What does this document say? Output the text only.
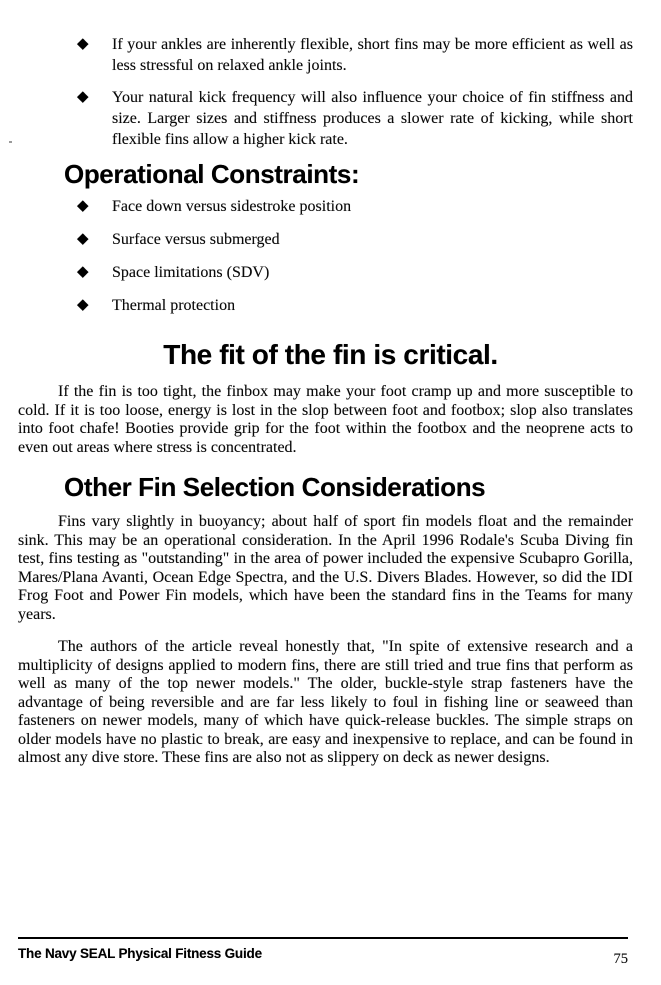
◆	If your ankles are inherently flexible, short fins may be more efficient as well as less stressful on relaxed ankle joints.
◆	Your natural kick frequency will also influence your choice of fin stiffness and size. Larger sizes and stiffness produces a slower rate of kicking, while short flexible fins allow a higher kick rate.
Operational Constraints:
◆	Face down versus sidestroke position
◆	Surface versus submerged
◆	Space limitations (SDV)
◆	Thermal protection
The fit of the fin is critical.

If the fin is too tight, the finbox may make your foot cramp up and more susceptible to cold. If it is too loose, energy is lost in the slop between foot and footbox; slop also translates into foot chafe! Booties provide grip for the foot within the footbox and the neoprene acts to even out areas where stress is concentrated.

Other Fin Selection Considerations

Fins vary slightly in buoyancy; about half of sport fin models float and the remainder sink. This may be an operational consideration. In the April 1996 Rodale's Scuba Diving fin test, fins testing as "outstanding" in the area of power included the expensive Scubapro Gorilla, Mares/Plana Avanti, Ocean Edge Spectra, and the U.S. Divers Blades. However, so did the IDI Frog Foot and Power Fin models, which have been the standard fins in the Teams for many years.

The authors of the article reveal honestly that, "In spite of extensive research and a multiplicity of designs applied to modern fins, there are still tried and true fins that perform as well as many of the top newer models." The older, buckle-style strap fasteners have the advantage of being reversible and are far less likely to foul in fishing line or seaweed than fasteners on newer models, many of which have quick-release buckles. The simple straps on older models have no plastic to break, are easy and inexpensive to replace, and can be found in almost any dive store. These fins are also not as slippery on deck as newer designs.

The Navy SEAL Physical Fitness Guide	75
